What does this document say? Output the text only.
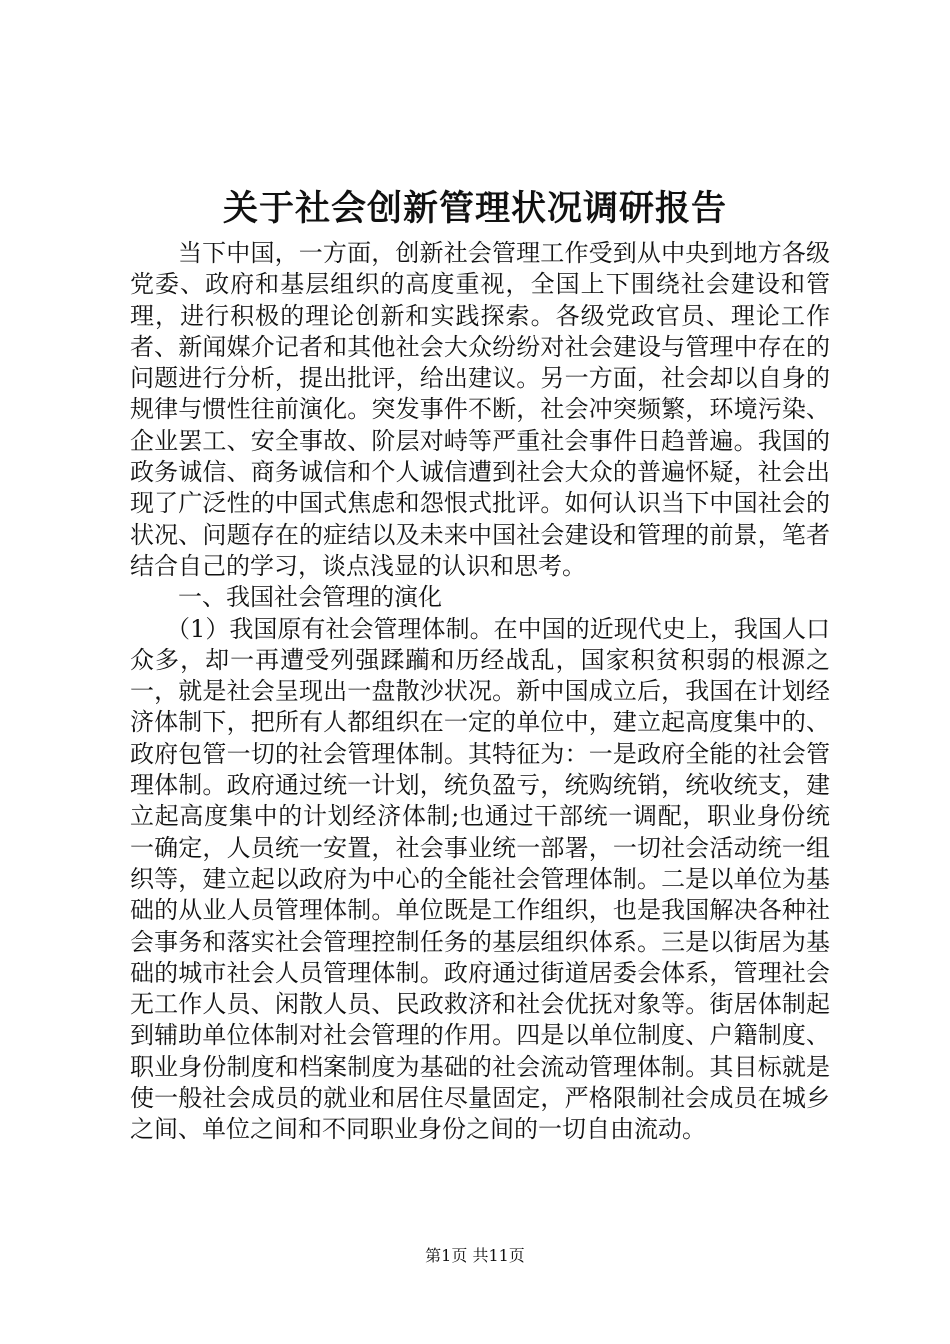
关于社会创新管理状况调研报告

当下中国，一方面，创新社会管理工作受到从中央到地方各级党委、政府和基层组织的高度重视，全国上下围绕社会建设和管理，进行积极的理论创新和实践探索。各级党政官员、理论工作者、新闻媒介记者和其他社会大众纷纷对社会建设与管理中存在的问题进行分析，提出批评，给出建议。另一方面，社会却以自身的规律与惯性往前演化。突发事件不断，社会冲突频繁，环境污染、企业罢工、安全事故、阶层对峙等严重社会事件日趋普遍。我国的政务诚信、商务诚信和个人诚信遭到社会大众的普遍怀疑，社会出现了广泛性的中国式焦虑和怨恨式批评。如何认识当下中国社会的状况、问题存在的症结以及未来中国社会建设和管理的前景，笔者结合自己的学习，谈点浅显的认识和思考。

一、我国社会管理的演化

（1）我国原有社会管理体制。在中国的近现代史上，我国人口众多，却一再遭受列强蹂躏和历经战乱，国家积贫积弱的根源之一，就是社会呈现出一盘散沙状况。新中国成立后，我国在计划经济体制下，把所有人都组织在一定的单位中，建立起高度集中的、政府包管一切的社会管理体制。其特征为：一是政府全能的社会管理体制。政府通过统一计划，统负盈亏，统购统销，统收统支，建立起高度集中的计划经济体制;也通过干部统一调配，职业身份统一确定，人员统一安置，社会事业统一部署，一切社会活动统一组织等，建立起以政府为中心的全能社会管理体制。二是以单位为基础的从业人员管理体制。单位既是工作组织，也是我国解决各种社会事务和落实社会管理控制任务的基层组织体系。三是以街居为基础的城市社会人员管理体制。政府通过街道居委会体系，管理社会无工作人员、闲散人员、民政救济和社会优抚对象等。街居体制起到辅助单位体制对社会管理的作用。四是以单位制度、户籍制度、职业身份制度和档案制度为基础的社会流动管理体制。其目标就是使一般社会成员的就业和居住尽量固定，严格限制社会成员在城乡之间、单位之间和不同职业身份之间的一切自由流动。

第1页 共11页
